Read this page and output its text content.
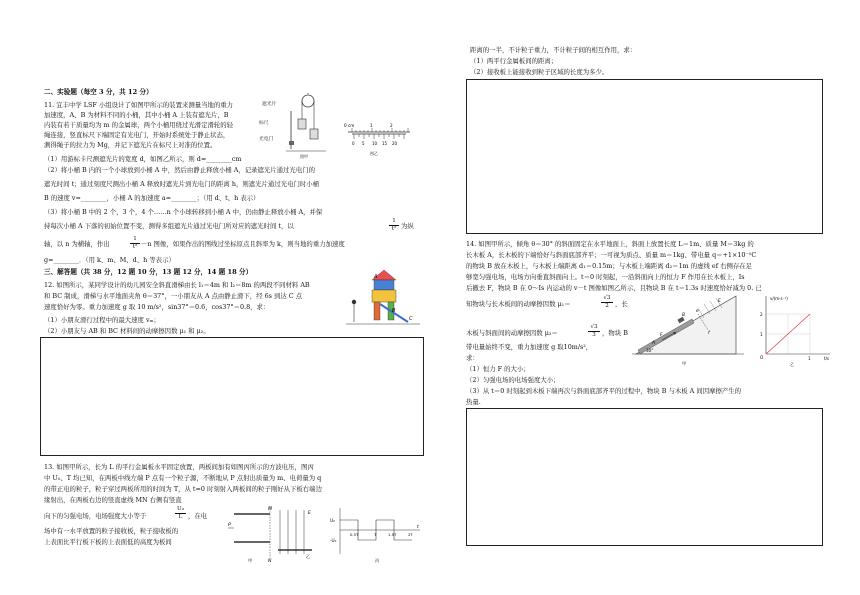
二、实验题（每空 3 分，共 12 分）
11. 宜丰中学 LSF 小组设计了如图甲所示的装置来测量当地的重力
加速度，A、B 为材料不同的小桶，其中小桶 A 上装有遮光片，B
内装有若干质量均为 m 的金属球，两个小桶用绕过光滑定滑轮的轻
绳连接，竖直标尺下端固定有光电门，开始时系统处于静止状态，
测得绳子的拉力为 Mg，并记下遮光片在标尺上对准的位置。
（1）用游标卡尺测遮光片的宽度 d，如图乙所示，则 d=________cm	图甲
遮光片
标尺
光电门
0 cm	1	2
0 5 10 15 20
图乙
（2）将小桶 B 内的一个小球放到小桶 A 中，然后由静止释放小桶 A，记录遮光片通过光电门的
遮光时间 t；通过刻度尺测出小桶 A 释放时遮光片到光电门的距离 h，则遮光片通过光电门时小桶
B 的速度 v=________，小桶 A 的加速度 a=________；（用 d、t、h 表示）
（3）将小桶 B 中的 2 个，3 个，4 个……n 个小球转移到小桶 A 中，仍由静止释放小桶 A，并保
持每次小桶 A 下落的初始位置不变，测得多组遮光片通过光电门所对应的遮光时间 t，以	$\frac{1}{\text{t²}}$ 为纵
轴，以 n 为横轴，作出	$\frac{1}{\text{t²}} -n$ 图像，如果作出的图线过坐标原点且斜率为 k，则当地的重力加速度
g=________．（用 k、m、M、d、h 等表示）
三、解答题（共 38 分，12 题 10 分，13 题 12 分，14 题 18 分）
12. 如图所示，某同学设计的幼儿园安全斜直滑梯由长 l₁＝4m 和 l₂＝8m 的两段不同材料 AB
和 BC 制成，滑梯与水平地面夹角 θ＝37°，一小朋友从 A 点由静止滑下，经 6s 到达 C 点
速度恰好为零。重力加速度 g 取 10 m/s²，sin37°＝0.6，cos37°＝0.8，求：
（1）小朋友滑行过程中的最大速度 vₘ；
（2）小朋友与 AB 和 BC 材料间的动摩擦因数 μ₁ 和 μ₂。
A
B
C
13. 如图甲所示，长为 L 的平行金属板水平固定放置，两板间加有如图丙所示的方波电压，图丙
中 U₀、T 均已知，在两板中线左端 P 点有一个粒子源，不断地从 P 点射出质量为 m、电荷量为 q
的带正电的粒子，粒子穿过两板所用的时间为 T，从 t=0 时刻射入两板间的粒子刚好从下板右端边
缘射出，在两板右边的竖直虚线 MN 右侧有竖直
向下的匀强电场，电场强度大小等于	$\frac{\text{U₀}}{L}$ ，在电
场中有一水平放置的粒子接收板，粒子接收板的
上表面比平行板下板的上表面低的高度为板间
P
M
N
E
乙
甲
U₀
-U₀
0.5T	T	1.5T	2T
t
丙
距离的一半，不计粒子重力，不计粒子间的相互作用，求：
（1）两平行金属板间的距离；
（2）接收板上能接收到粒子区域的长度为多少。
14. 如图甲所示，倾角 θ＝30° 的斜面固定在水平地面上，斜面上放置长度 L＝1m、质量 M＝3kg 的
长木板 A，长木板的下端恰好与斜面底部齐平；一可视为质点、质量 m＝1kg、带电量 q＝+1×10⁻⁵C
的物块 B 放在木板上，与木板上端距离 d₁＝0.15m；与木板上端距离 d₂＝1m 的虚线 ef 右侧存在足
够宽匀强电场，电场方向垂直斜面向上。t＝0 时刻起，一沿斜面向上的恒力 F 作用在长木板上，Is
后撤去 F，物块 B 在 0～Is 内运动的 v－t 图像如图乙所示，且物块 B 在 t＝1.3s 时速度恰好减为 0. 已
知物块与长木板间的动摩擦因数 μ₁＝	$\frac{√3}{2}$ ，长
木板与斜面间的动摩擦因数 μ₂＝	$\frac{√3}{3}$ ，物块 B
带电量始终不变，重力加速度 g 取10m/s²，
求：
（1）恒力 F 的大小；
（2）匀强电场的电场强度大小；
（3）从 t＝0 时刻起到木板下端再次与斜面底部齐平的过程中，物块 B 与木板 A 间因摩擦产生的
热量.
30°
e
f
F
E
A
B
甲
v/(m·s⁻¹)
2
1
O	1	t/s
乙
